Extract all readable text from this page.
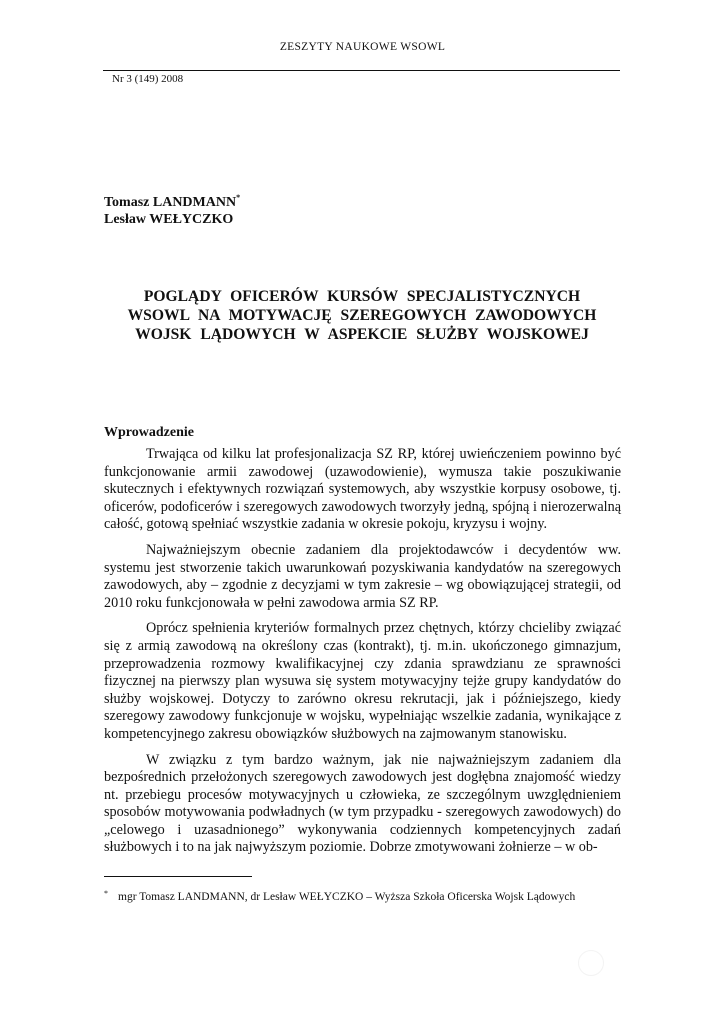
ZESZYTY NAUKOWE WSOWL
Nr 3 (149) 2008
Tomasz LANDMANN*
Lesław WEŁYCZKO
POGLĄDY OFICERÓW KURSÓW SPECJALISTYCZNYCH
WSOWL NA MOTYWACJĘ SZEREGOWYCH ZAWODOWYCH
WOJSK LĄDOWYCH W ASPEKCIE SŁUŻBY WOJSKOWEJ
Wprowadzenie

Trwająca od kilku lat profesjonalizacja SZ RP, której uwieńczeniem powinno być funkcjonowanie armii zawodowej (uzawodowienie), wymusza takie poszukiwanie skutecznych i efektywnych rozwiązań systemowych, aby wszystkie korpusy osobowe, tj. oficerów, podoficerów i szeregowych zawodowych tworzyły jedną, spójną i nierozerwalną całość, gotową spełniać wszystkie zadania w okresie pokoju, kryzysu i wojny.

Najważniejszym obecnie zadaniem dla projektodawców i decydentów ww. systemu jest stworzenie takich uwarunkowań pozyskiwania kandydatów na szeregowych zawodowych, aby – zgodnie z decyzjami w tym zakresie – wg obowiązującej strategii, od 2010 roku funkcjonowała w pełni zawodowa armia SZ RP.

Oprócz spełnienia kryteriów formalnych przez chętnych, którzy chcieliby związać się z armią zawodową na określony czas (kontrakt), tj. m.in. ukończonego gimnazjum, przeprowadzenia rozmowy kwalifikacyjnej czy zdania sprawdzianu ze sprawności fizycznej na pierwszy plan wysuwa się system motywacyjny tejże grupy kandydatów do służby wojskowej. Dotyczy to zarówno okresu rekrutacji, jak i późniejszego, kiedy szeregowy zawodowy funkcjonuje w wojsku, wypełniając wszelkie zadania, wynikające z kompetencyjnego zakresu obowiązków służbowych na zajmowanym stanowisku.

W związku z tym bardzo ważnym, jak nie najważniejszym zadaniem dla bezpośrednich przełożonych szeregowych zawodowych jest dogłębna znajomość wiedzy nt. przebiegu procesów motywacyjnych u człowieka, ze szczególnym uwzględnieniem sposobów motywowania podwładnych (w tym przypadku - szeregowych zawodowych) do „celowego i uzasadnionego” wykonywania codziennych kompetencyjnych zadań służbowych i to na jak najwyższym poziomie. Dobrze zmotywowani żołnierze – w ob-

* mgr Tomasz LANDMANN, dr Lesław WEŁYCZKO – Wyższa Szkoła Oficerska Wojsk Lądowych
